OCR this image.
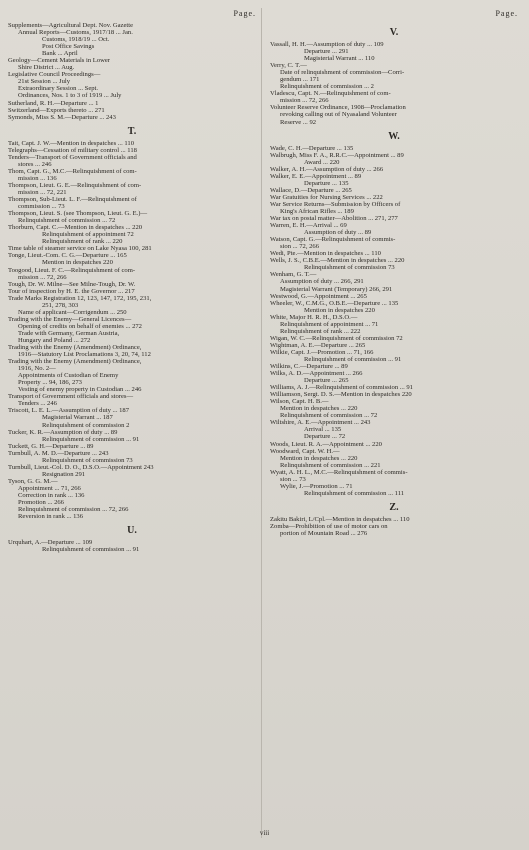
Page.
Supplements—Agricultural Dept. Nov. Gazette
Annual Reports—Customs, 1917/18 ... Jan.
Customs, 1918/19 ... Oct.
Post Office Savings
Bank ... April
Geology—Cement Materials in Lower
Shire District ... Aug.
Legislative Council Proceedings—
21st Session ... July
Extraordinary Session ... Sept.
Ordinances, Nos. 1 to 3 of 1919 ... July
Sutherland, R. H.—Departure ... 1
Switzerland—Exports thereto ... 271
Symonds, Miss S. M.—Departure ... 243
T.
Tait, Capt. J. W.—Mention in despatches ... 110
Telegraphs—Cessation of military control ... 118
Tenders—Transport of Government officials and
stores ... 246
Thom, Capt. G., M.C.—Relinquishment of com-
mission ... 136
Thompson, Lieut. G. E.—Relinquishment of com-
mission ... 72, 221
Thompson, Sub-Lieut. L. F.—Relinquishment of
commission ... 73
Thompson, Lieut. S. (see Thompson, Lieut. G. E.)—
Relinquishment of commission ... 72
Thorburn, Capt. C.—Mention in despatches ... 220
Relinquishment of appointment 72
Relinquishment of rank ... 220
Time table of steamer service on Lake Nyasa 100, 281
Tonge, Lieut.-Com. C. G.—Departure ... 165
Mention in despatches 220
Toogood, Lieut. F. C.—Relinquishment of com-
mission ... 72, 266
Tough, Dr. W. Milne—See Milne-Tough, Dr. W.
Tour of inspection by H. E. the Governor ... 217
Trade Marks Registration 12, 123, 147, 172, 195, 231,
251, 278, 303
Name of applicant—Corrigendum ... 250
Trading with the Enemy—General Licences—
Opening of credits on behalf of enemies ... 272
Trade with Germany, German Austria,
Hungary and Poland ... 272
Trading with the Enemy (Amendment) Ordinance,
1916—Statutory List Proclamations 3, 20, 74, 112
Trading with the Enemy (Amendment) Ordinance,
1916, No. 2—
Appointments of Custodian of Enemy
Property ... 94, 186, 273
Vesting of enemy property in Custodian ... 246
Transport of Government officials and stores—
Tenders ... 246
Triscott, L. E. L.—Assumption of duty ... 187
Magisterial Warrant ... 187
Relinquishment of commission 2
Tucker, K. R.—Assumption of duty ... 89
Relinquishment of commission ... 91
Tuckett, G. H.—Departure ... 89
Turnbull, A. M. D.—Departure ... 243
Relinquishment of commission 73
Turnbull, Lieut.-Col. D. O., D.S.O.—Appointment 243
Resignation 291
Tyson, G. G. M.—
Appointment ... 71, 266
Correction in rank ... 136
Promotion ... 266
Relinquishment of commission ... 72, 266
Reversion in rank ... 136
U.
Urquhart, A.—Departure ... 109
Relinquishment of commission ... 91
Page.
V.
Vassall, H. H.—Assumption of duty ... 109
Departure ... 291
Magisterial Warrant ... 110
Verry, C. T.—
Date of relinquishment of commission—Corri-
gendum ... 171
Relinquishment of commission ... 2
Vladescu, Capt. N.—Relinquishment of com-
mission ... 72, 266
Volunteer Reserve Ordinance, 1908—Proclamation
revoking calling out of Nyasaland Volunteer
Reserve ... 92
W.
Wade, C. H.—Departure ... 135
Walbrugh, Miss F. A., R.R.C.—Appointment ... 89
Award ... 220
Walker, A. H.—Assumption of duty ... 266
Walker, E. E.—Appointment ... 89
Departure ... 135
Wallace, D.—Departure ... 265
War Gratuities for Nursing Services ... 222
War Service Returns—Submission by Officers of
King's African Rifles ... 189
War tax on postal matter—Abolition ... 271, 277
Warren, E. H.—Arrival ... 69
Assumption of duty ... 89
Watson, Capt. G.—Relinquishment of commis-
sion ... 72, 266
Wedi, Pte.—Mention in despatches ... 110
Wells, J. S., C.B.E.—Mention in despatches ... 220
Relinquishment of commission 73
Wenham, G. T.—
Assumption of duty ... 266, 291
Magisterial Warrant (Temporary) 266, 291
Westwood, G.—Appointment ... 265
Wheeler, W., C.M.G., O.B.E.—Departure ... 135
Mention in despatches 220
White, Major H. R. H., D.S.O.—
Relinquishment of appointment ... 71
Relinquishment of rank ... 222
Wigan, W. C.—Relinquishment of commission 72
Wightman, A. E.—Departure ... 265
Wilkie, Capt. J.—Promotion ... 71, 166
Relinquishment of commission ... 91
Wilkins, C.—Departure ... 89
Wilks, A. D.—Appointment ... 266
Departure ... 265
Williams, A. J.—Relinquishment of commission ... 91
Williamson, Sergt. D. S.—Mention in despatches 220
Wilson, Capt. H. B.—
Mention in despatches ... 220
Relinquishment of commission ... 72
Wiltshire, A. E.—Appointment ... 243
Arrival ... 135
Departure ... 72
Woods, Lieut. R. A.—Appointment ... 220
Woodward, Capt. W. H.—
Mention in despatches ... 220
Relinquishment of commission ... 221
Wyatt, A. H. L., M.C.—Relinquishment of commis-
sion ... 73
Wylie, J.—Promotion ... 71
Relinquishment of commission ... 111
Z.
Zakitu Bakiri, L/Cpl.—Mention in despatches ... 110
Zomba—Prohibition of use of motor cars on
portion of Mountain Road ... 276
viii
